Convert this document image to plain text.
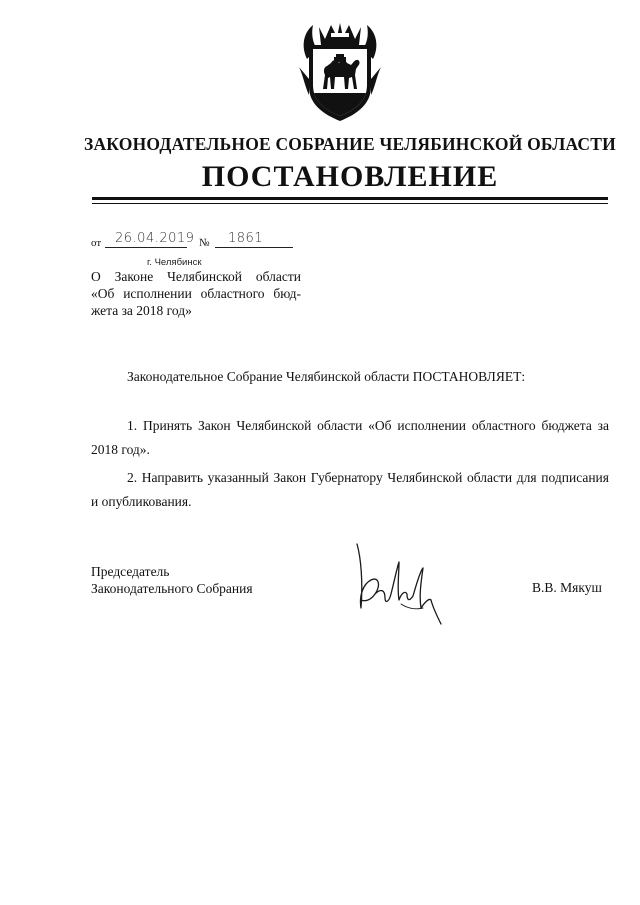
ЗАКОНОДАТЕЛЬНОЕ СОБРАНИЕ ЧЕЛЯБИНСКОЙ ОБЛАСТИ
ПОСТАНОВЛЕНИЕ
от 26.04.2019 № 1861
г. Челябинск
О Законе Челябинской области
«Об исполнении областного бюд-
жета за 2018 год»
Законодательное Собрание Челябинской области ПОСТАНОВЛЯЕТ:
1. Принять Закон Челябинской области «Об исполнении областного бюджета за 2018 год».
2. Направить указанный Закон Губернатору Челябинской области для подписания и опубликования.
Председатель
Законодательного Собрания	В.В. Мякуш
